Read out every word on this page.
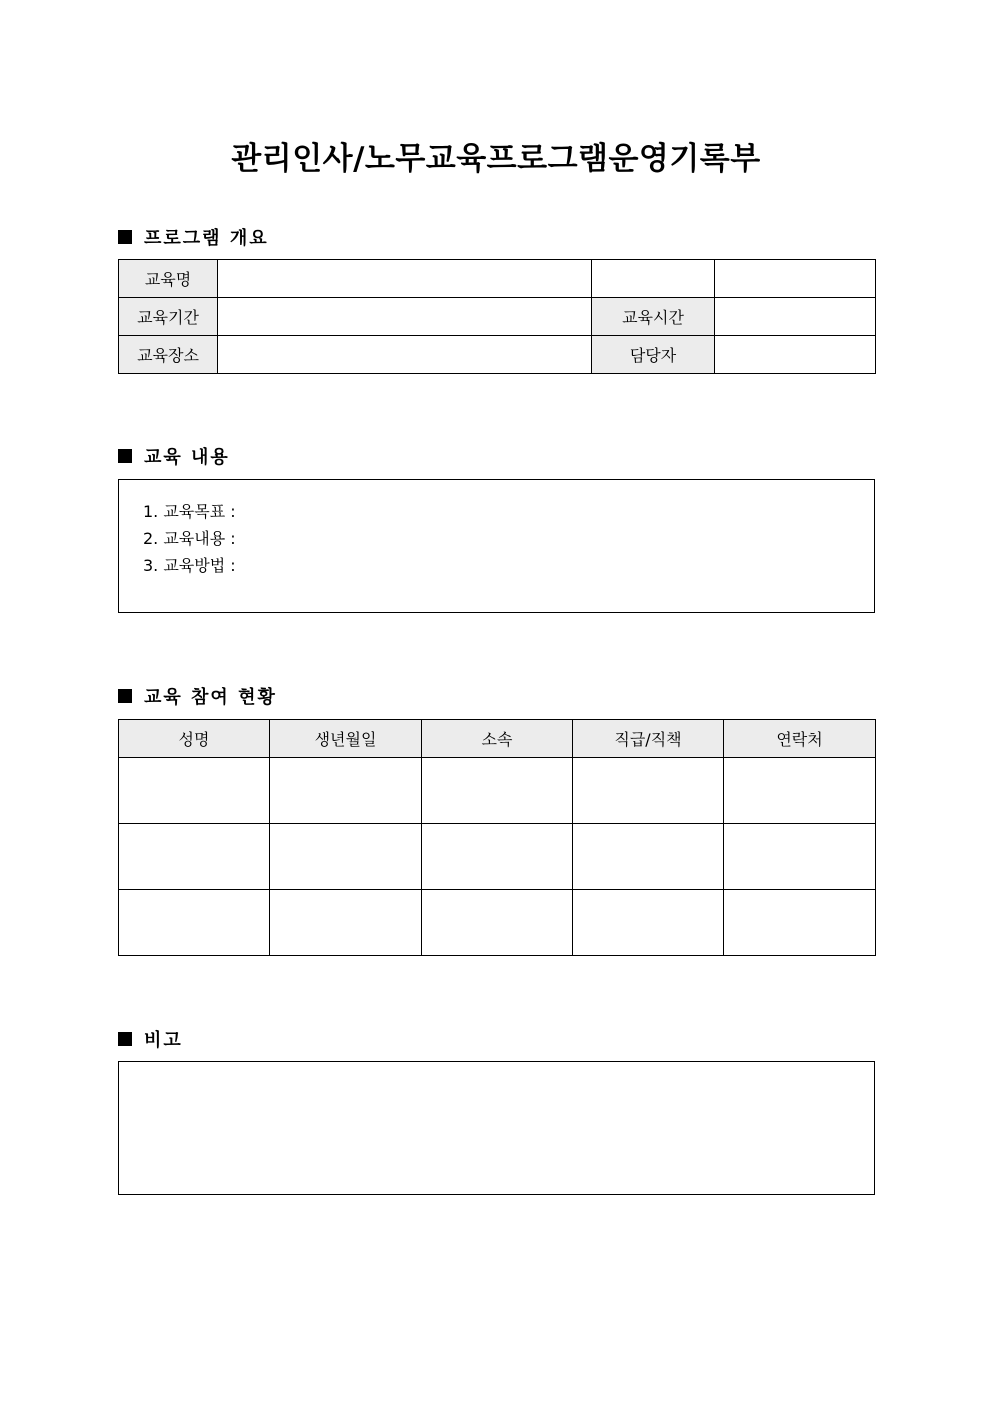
관리인사/노무교육프로그램운영기록부
프로그램 개요
교육명			
교육기간		교육시간	
교육장소		담당자	
교육 내용
1. 교육목표 :
2. 교육내용 :
3. 교육방법 :
교육 참여 현황
성명	생년월일	소속	직급/직책	연락처

비고
